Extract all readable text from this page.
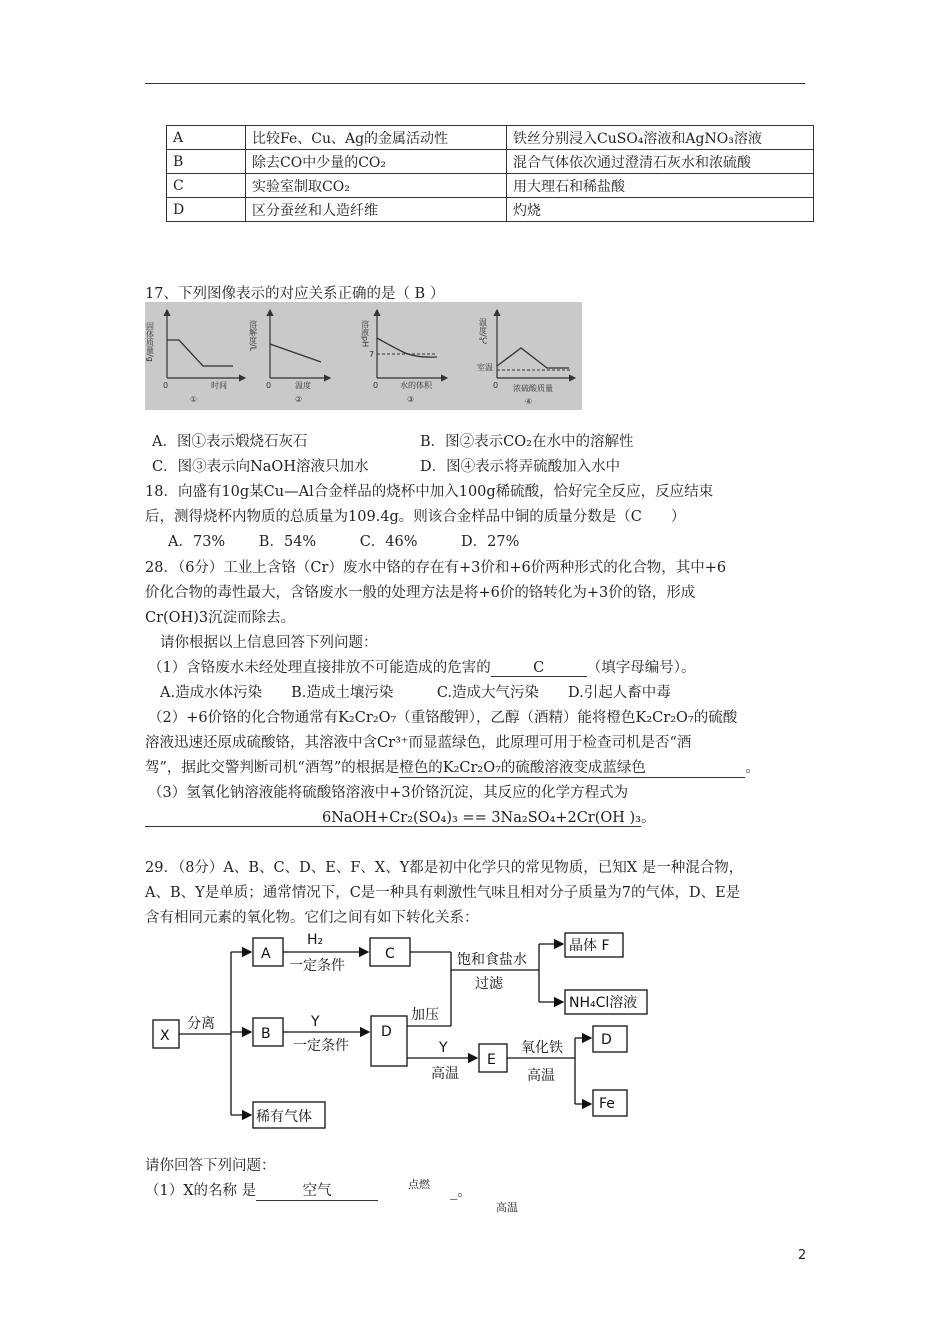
A	比较Fe、Cu、Ag的金属活动性	铁丝分别浸入CuSO₄溶液和AgNO₃溶液
B	除去CO中少量的CO₂	混合气体依次通过澄清石灰水和浓硫酸
C	实验室制取CO₂	用大理石和稀盐酸
D	区分蚕丝和人造纤维	灼烧
17、下列图像表示的对应关系正确的是（ B ）
固体质量/g
0	时间
①
溶解度/L
0	温度
②
溶液pH
7
0	水的体积
③
温度/℃
室温
0 浓硫酸质量
④
A．图①表示煅烧石灰石	B．图②表示CO₂在水中的溶解性
C．图③表示向NaOH溶液只加水	D．图④表示将弄硫酸加入水中
18．向盛有10g某Cu—Al合金样品的烧杯中加入100g稀硫酸，恰好完全反应，反应结束
后，测得烧杯内物质的总质量为109.4g。则该合金样品中铜的质量分数是（C　　）
A．73%　　 B．54%　　　C．46%　　　D．27%
28．（6分）工业上含铬（Cr）废水中铬的存在有+3价和+6价两种形式的化合物，其中+6
价化合物的毒性最大，含铬废水一般的处理方法是将+6价的铬转化为+3价的铬，形成
Cr(OH)3沉淀而除去。
请你根据以上信息回答下列问题：
（1）含铬废水未经处理直接排放不可能造成的危害的	C	（填字母编号）。
A.造成水体污染　　B.造成土壤污染　　　C.造成大气污染　　D.引起人畜中毒
（2）+6价铬的化合物通常有K₂Cr₂O₇（重铬酸钾），乙醇（酒精）能将橙色K₂Cr₂O₇的硫酸
溶液迅速还原成硫酸铬，其溶液中含Cr³⁺而显蓝绿色，此原理可用于检查司机是否“酒
驾”，据此交警判断司机“酒驾”的根据是橙色的K₂Cr₂O₇的硫酸溶液变成蓝绿色	。
（3）氢氧化钠溶液能将硫酸铬溶液中+3价铬沉淀，其反应的化学方程式为
6NaOH+Cr₂(SO₄)₃ == 3Na₂SO₄+2Cr(OH )₃。
29．（8分）A、B、C、D、E、F、X、Y都是初中化学只的常见物质，已知X 是一种混合物，
A、B、Y是单质；通常情况下，C是一种具有刺激性气味且相对分子质量为7的气体，D、E是
含有相同元素的氧化物。它们之间有如下转化关系：
X
分离
A
B
稀有气体
H₂
一定条件
C
Y
一定条件
D
加压
饱和食盐水
过滤
晶体 F
NH₄Cl溶液
Y
高温
E
氧化铁
高温
D
Fe
请你回答下列问题：
（1）X的名称 是	空气	点燃 _。
高温
2
